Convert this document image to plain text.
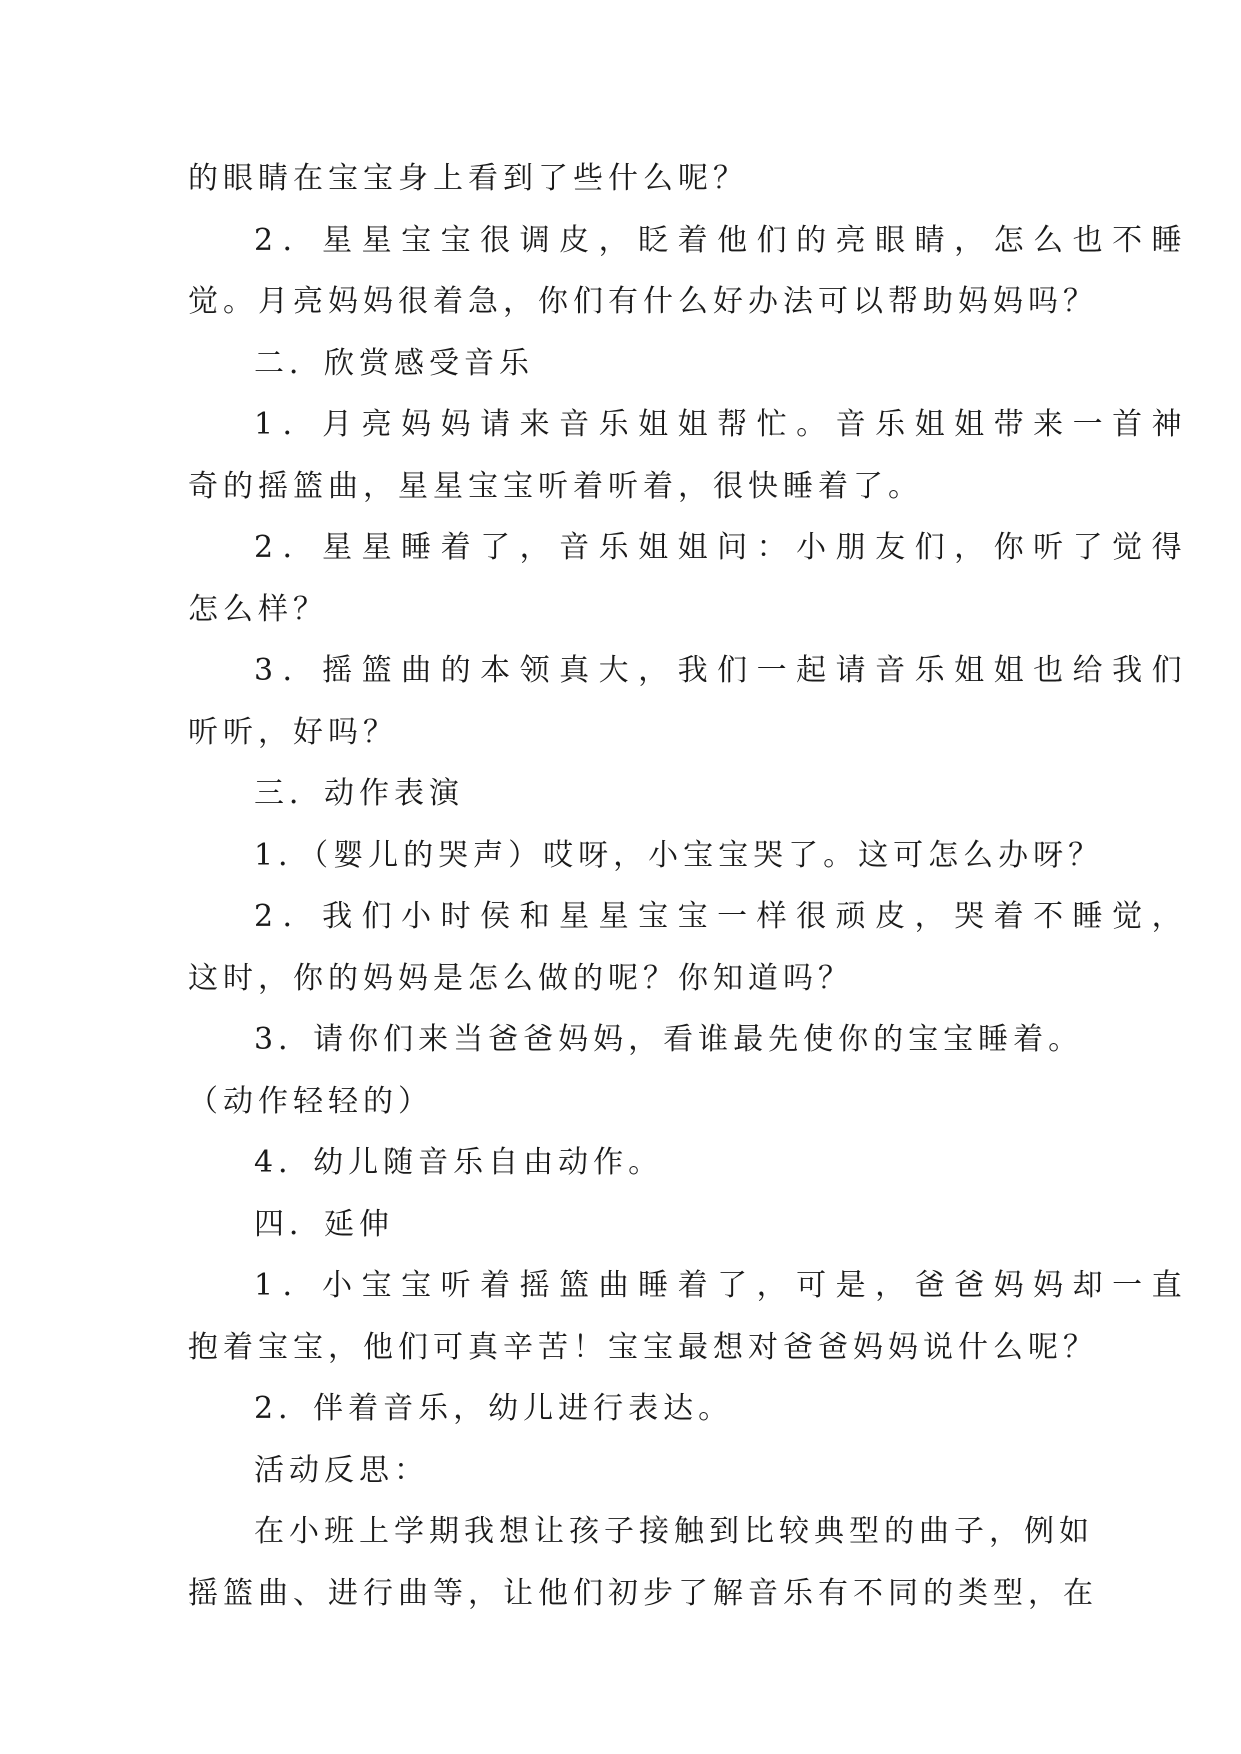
的眼睛在宝宝身上看到了些什么呢？
2．星星宝宝很调皮，眨着他们的亮眼睛，怎么也不睡
觉。月亮妈妈很着急，你们有什么好办法可以帮助妈妈吗？
二．欣赏感受音乐
1．月亮妈妈请来音乐姐姐帮忙。音乐姐姐带来一首神
奇的摇篮曲，星星宝宝听着听着，很快睡着了。
2．星星睡着了，音乐姐姐问：小朋友们，你听了觉得
怎么样？
3．摇篮曲的本领真大，我们一起请音乐姐姐也给我们
听听，好吗？
三．动作表演
1．（婴儿的哭声）哎呀，小宝宝哭了。这可怎么办呀？
2．我们小时侯和星星宝宝一样很顽皮，哭着不睡觉，
这时，你的妈妈是怎么做的呢？你知道吗？
3．请你们来当爸爸妈妈，看谁最先使你的宝宝睡着。
（动作轻轻的）
4．幼儿随音乐自由动作。
四．延伸
1．小宝宝听着摇篮曲睡着了，可是，爸爸妈妈却一直
抱着宝宝，他们可真辛苦！宝宝最想对爸爸妈妈说什么呢？
2．伴着音乐，幼儿进行表达。
活动反思：
在小班上学期我想让孩子接触到比较典型的曲子，例如
摇篮曲、进行曲等，让他们初步了解音乐有不同的类型，在
